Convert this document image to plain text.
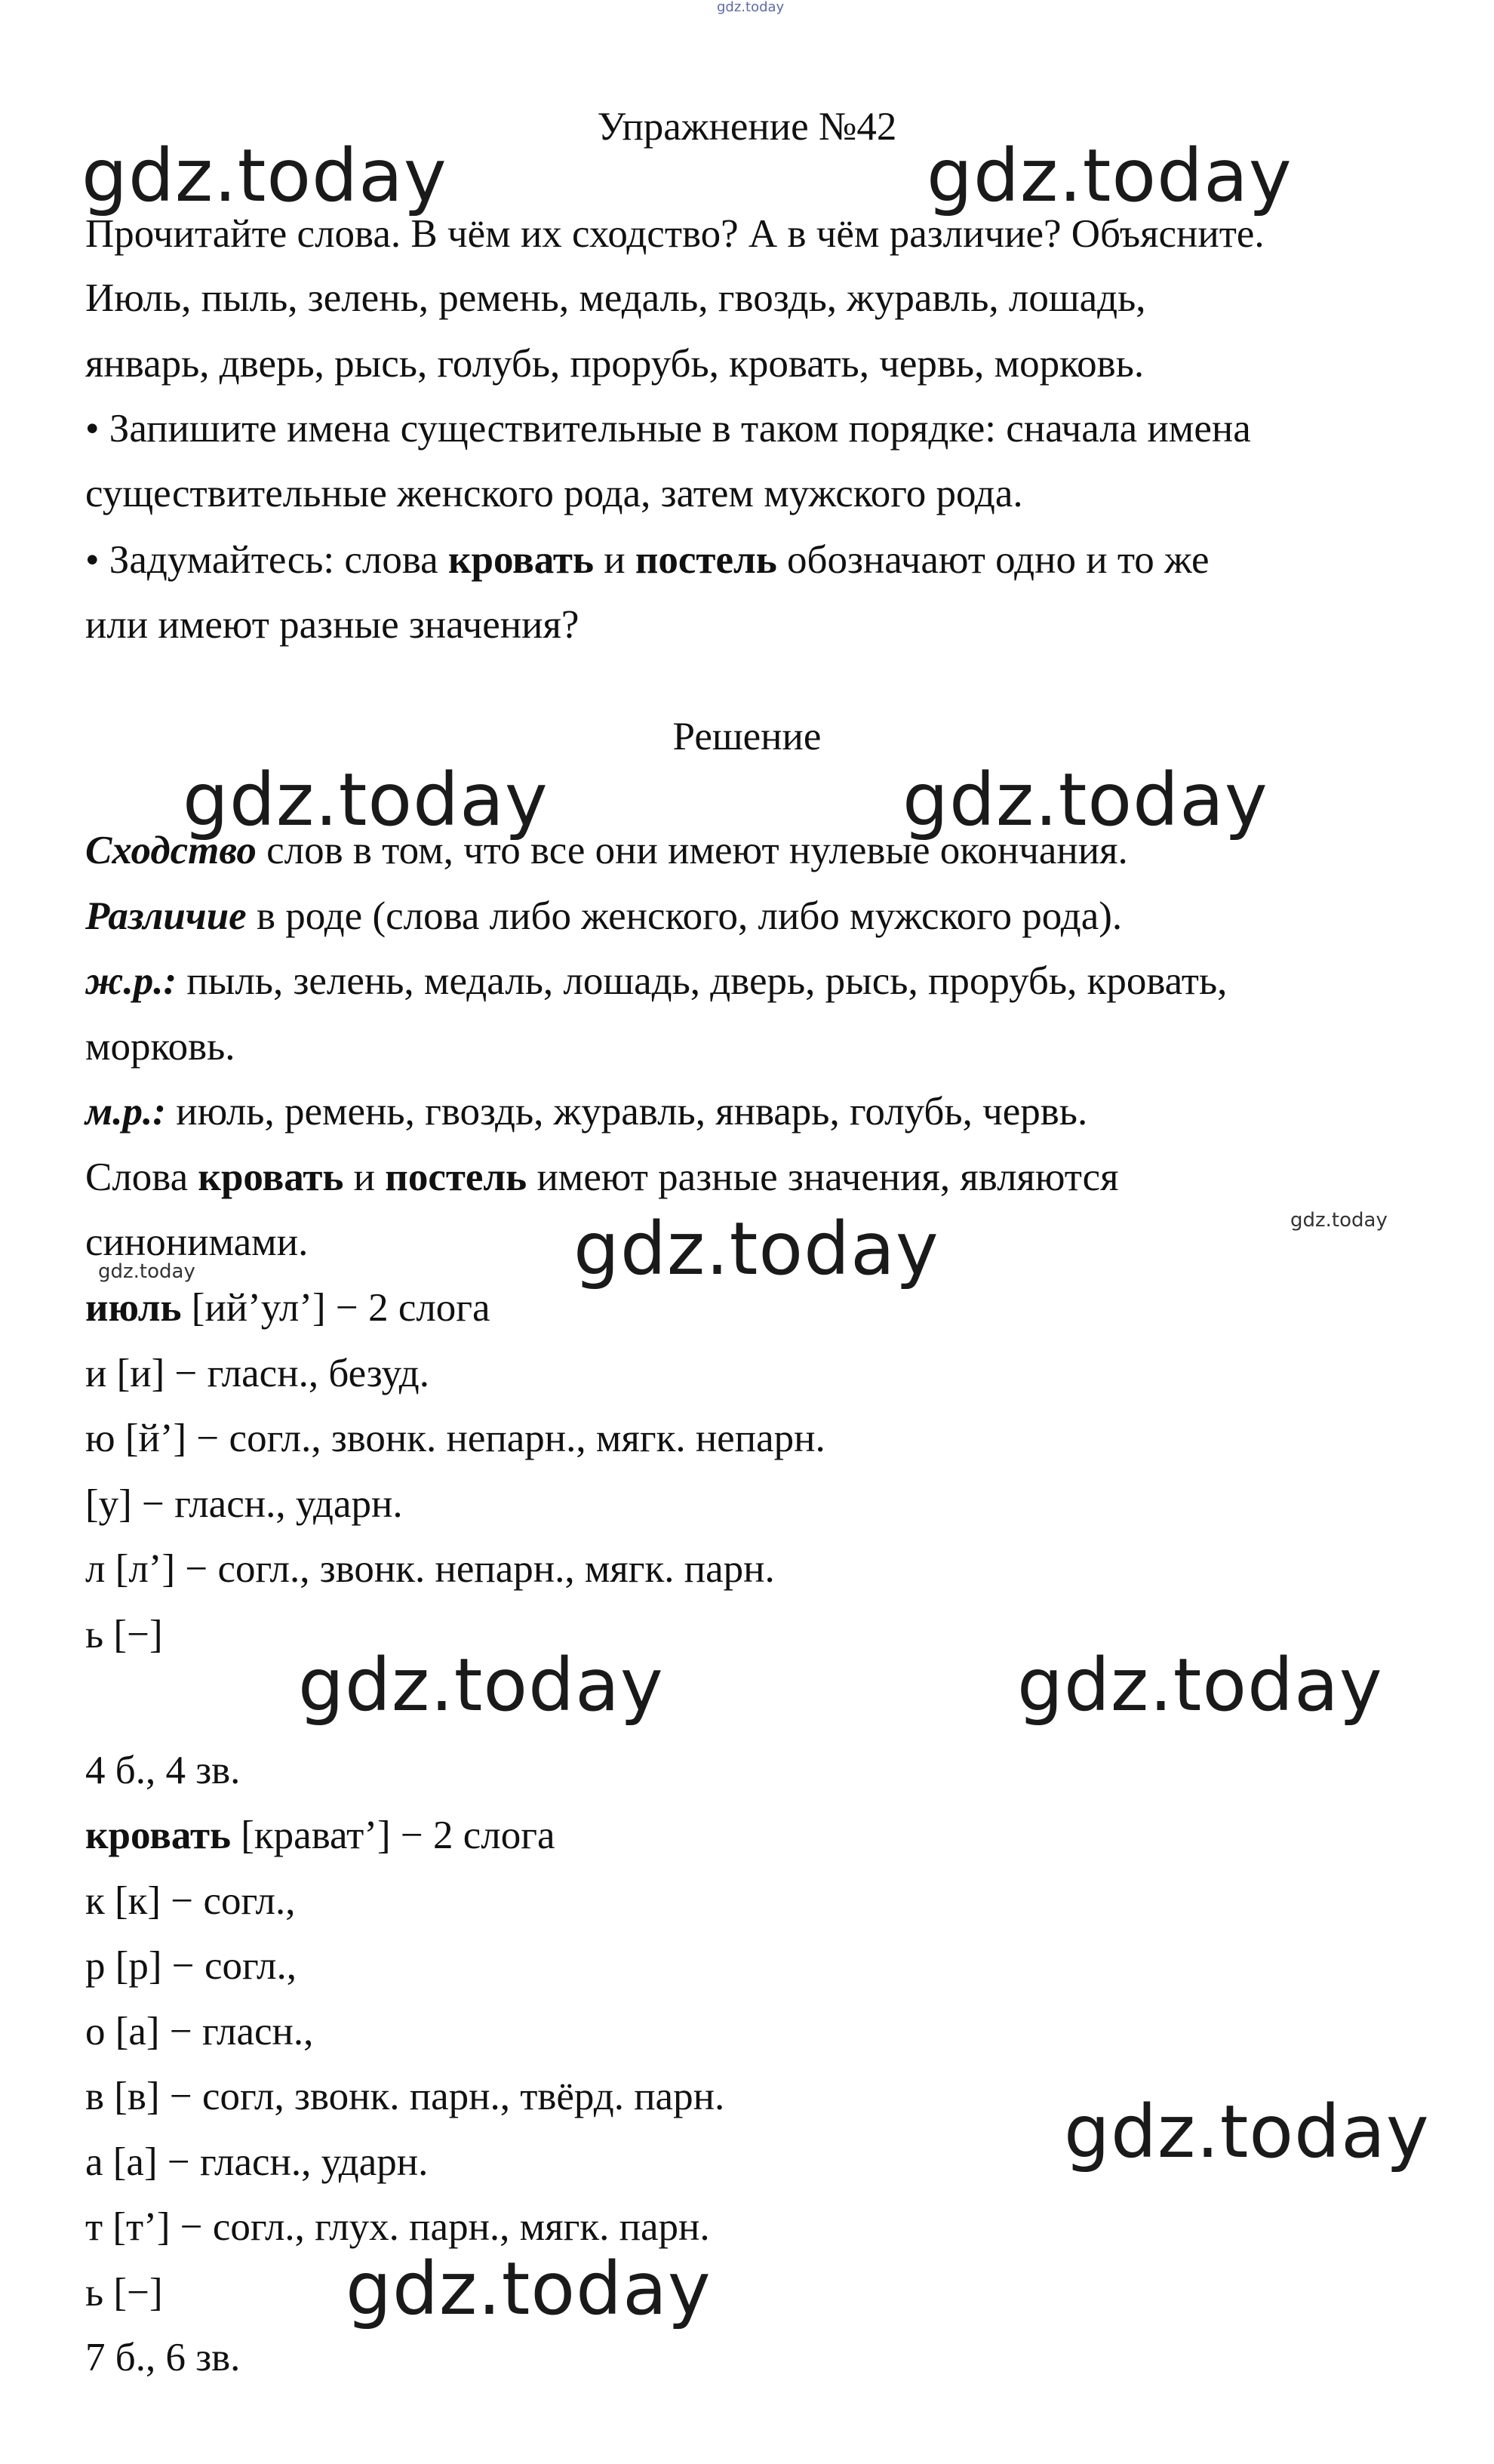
gdz.today
Упражнение №42
gdz.today	gdz.today
Прочитайте слова. В чём их сходство? А в чём различие? Объясните.
Июль, пыль, зелень, ремень, медаль, гвоздь, журавль, лошадь,
январь, дверь, рысь, голубь, прорубь, кровать, червь, морковь.
• Запишите имена существительные в таком порядке: сначала имена
существительные женского рода, затем мужского рода.
• Задумайтесь: слова кровать и постель обозначают одно и то же
или имеют разные значения?
Решение
gdz.today	gdz.today
Сходство слов в том, что все они имеют нулевые окончания.
Различие в роде (слова либо женского, либо мужского рода).
ж.р.: пыль, зелень, медаль, лошадь, дверь, рысь, прорубь, кровать,
морковь.
м.р.: июль, ремень, гвоздь, журавль, январь, голубь, червь.
Слова кровать и постель имеют разные значения, являются
синонимами.	gdz.today
gdz.today	gdz.today
июль [ий’ул’] − 2 слога
и [и] − гласн., безуд.
ю [й’] − согл., звонк. непарн., мягк. непарн.
[у] − гласн., ударн.
л [л’] − согл., звонк. непарн., мягк. парн.
ь [−]
gdz.today	gdz.today
4 б., 4 зв.
кровать [крават’] − 2 слога
к [к] − согл.,
р [р] − согл.,
о [а] − гласн.,
в [в] − согл, звонк. парн., твёрд. парн.
а [а] − гласн., ударн.
т [т’] − согл., глух. парн., мягк. парн.
ь [−]
7 б., 6 зв.
gdz.today
gdz.today
